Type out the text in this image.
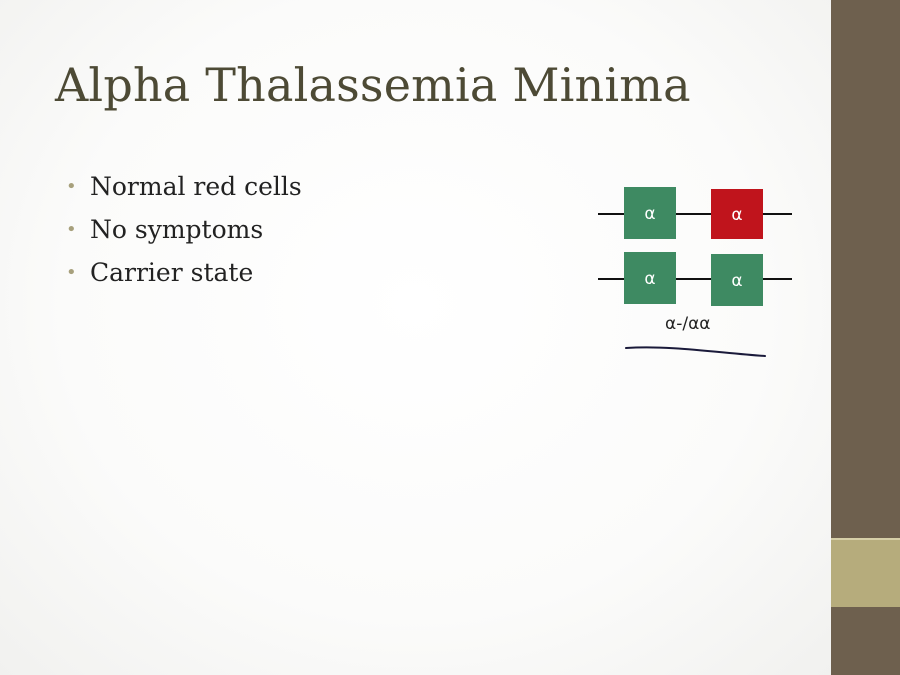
Alpha Thalassemia Minima
• Normal red cells
• No symptoms
• Carrier state
α	α
α	α
α-/αα
